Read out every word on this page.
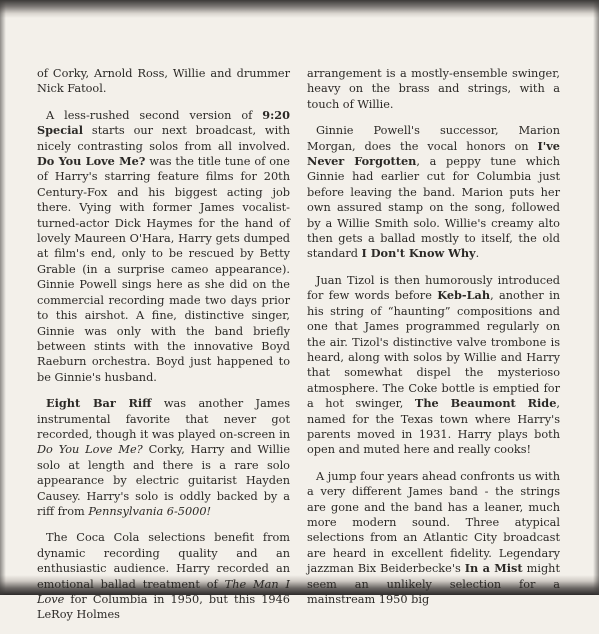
of Corky, Arnold Ross, Willie and drummer Nick Fatool.

A less-rushed second version of 9:20 Special starts our next broadcast, with nicely contrasting solos from all involved. Do You Love Me? was the title tune of one of Harry's starring feature films for 20th Century-Fox and his biggest acting job there. Vying with former James vocalist-turned-actor Dick Haymes for the hand of lovely Maureen O'Hara, Harry gets dumped at film's end, only to be rescued by Betty Grable (in a surprise cameo appearance). Ginnie Powell sings here as she did on the commercial recording made two days prior to this airshot. A fine, distinctive singer, Ginnie was only with the band briefly between stints with the innovative Boyd Raeburn orchestra. Boyd just happened to be Ginnie's husband.

Eight Bar Riff was another James instrumental favorite that never got recorded, though it was played on-screen in Do You Love Me? Corky, Harry and Willie solo at length and there is a rare solo appearance by electric guitarist Hayden Causey. Harry's solo is oddly backed by a riff from Pennsylvania 6-5000!

The Coca Cola selections benefit from dynamic recording quality and an enthusiastic audience. Harry recorded an emotional ballad treatment of The Man I Love for Columbia in 1950, but this 1946 LeRoy Holmes

arrangement is a mostly-ensemble swinger, heavy on the brass and strings, with a touch of Willie.

Ginnie Powell's successor, Marion Morgan, does the vocal honors on I've Never Forgotten, a peppy tune which Ginnie had earlier cut for Columbia just before leaving the band. Marion puts her own assured stamp on the song, followed by a Willie Smith solo. Willie's creamy alto then gets a ballad mostly to itself, the old standard I Don't Know Why.

Juan Tizol is then humorously introduced for few words before Keb-Lah, another in his string of “haunting” compositions and one that James programmed regularly on the air. Tizol's distinctive valve trombone is heard, along with solos by Willie and Harry that somewhat dispel the mysterioso atmosphere. The Coke bottle is emptied for a hot swinger, The Beaumont Ride, named for the Texas town where Harry's parents moved in 1931. Harry plays both open and muted here and really cooks!

A jump four years ahead confronts us with a very different James band - the strings are gone and the band has a leaner, much more modern sound. Three atypical selections from an Atlantic City broadcast are heard in excellent fidelity. Legendary jazzman Bix Beiderbecke's In a Mist might seem an unlikely selection for a mainstream 1950 big
